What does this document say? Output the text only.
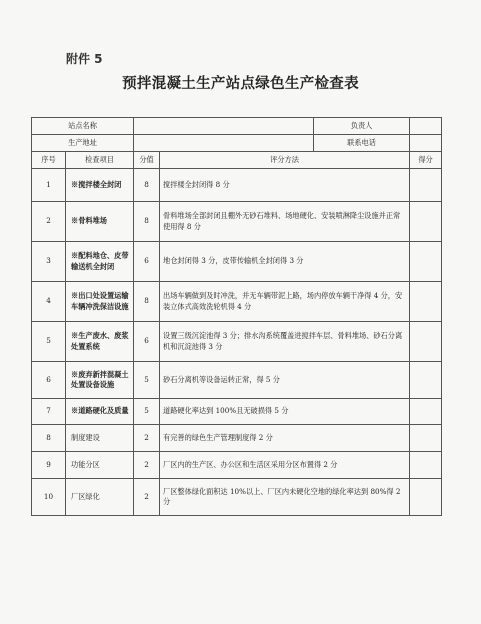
附件 5
预拌混凝土生产站点绿色生产检查表
站点名称				负责人	
生产地址				联系电话	
序号	检查项目	分值	评分方法		得分
1	※搅拌楼全封闭	8	搅拌楼全封闭得 8 分		
2	※骨料堆场	8	骨料堆场全部封闭且棚外无砂石堆料、场地硬化、安装喷淋降尘设施并正常使用得 8 分		
3	※配料地仓、皮带输送机全封闭	6	地仓封闭得 3 分，皮带传输机全封闭得 3 分		
4	※出口处设置运输车辆冲洗保洁设施	8	出场车辆做到及时冲洗，并无车辆带泥上路，场内停放车辆干净得 4 分，安装立体式高效洗轮机得 4 分		
5	※生产废水、废浆处置系统	6	设置三级沉淀池得 3 分；排水沟系统覆盖进搅拌车层、骨料堆场、砂石分离机和沉淀池得 3 分		
6	※废弃新拌混凝土处置设备设施	5	砂石分离机等设备运转正常，得 5 分		
7	※道路硬化及质量	5	道路硬化率达到 100%且无破损得 5 分		
8	制度建设	2	有完善的绿色生产管理制度得 2 分		
9	功能分区	2	厂区内的生产区、办公区和生活区采用分区布置得 2 分		
10	厂区绿化	2	厂区整体绿化面积达 10%以上、厂区内未硬化空地的绿化率达到 80%得 2 分		
